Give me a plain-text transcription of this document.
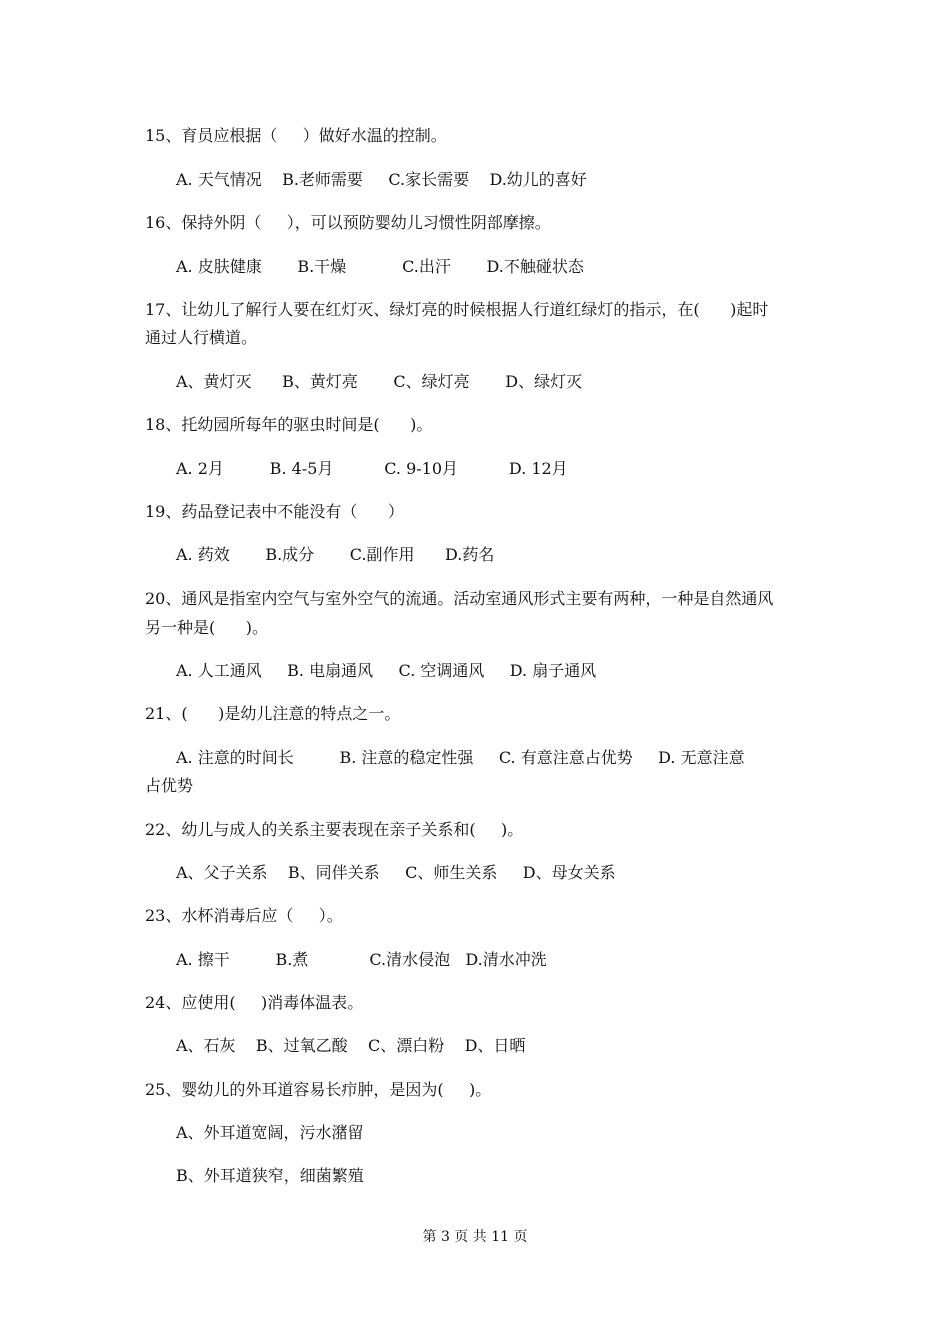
15、育员应根据（     ）做好水温的控制。
A. 天气情况    B.老师需要     C.家长需要    D.幼儿的喜好
16、保持外阴（     ），可以预防婴幼儿习惯性阴部摩擦。
A. 皮肤健康       B.干燥           C.出汗       D.不触碰状态
17、让幼儿了解行人要在红灯灭、绿灯亮的时候根据人行道红绿灯的指示，在(      )起时
通过人行横道。
A、黄灯灭      B、黄灯亮       C、绿灯亮       D、绿灯灭
18、托幼园所每年的驱虫时间是(      )。
A. 2月         B. 4-5月          C. 9-10月          D. 12月
19、药品登记表中不能没有（      ）
A. 药效       B.成分       C.副作用      D.药名
20、通风是指室内空气与室外空气的流通。活动室通风形式主要有两种，一种是自然通风
另一种是(      )。
A. 人工通风     B. 电扇通风     C. 空调通风     D. 扇子通风
21、(      )是幼儿注意的特点之一。
A. 注意的时间长         B. 注意的稳定性强     C. 有意注意占优势     D. 无意注意
占优势
22、幼儿与成人的关系主要表现在亲子关系和(     )。
A、父子关系    B、同伴关系     C、师生关系     D、母女关系
23、水杯消毒后应（     ）。
A. 擦干         B.煮            C.清水侵泡   D.清水冲洗
24、应使用(     )消毒体温表。
A、石灰    B、过氧乙酸    C、漂白粉    D、日晒
25、婴幼儿的外耳道容易长疖肿，是因为(     )。
A、外耳道宽阔，污水潴留
B、外耳道狭窄，细菌繁殖
第 3 页 共 11 页
